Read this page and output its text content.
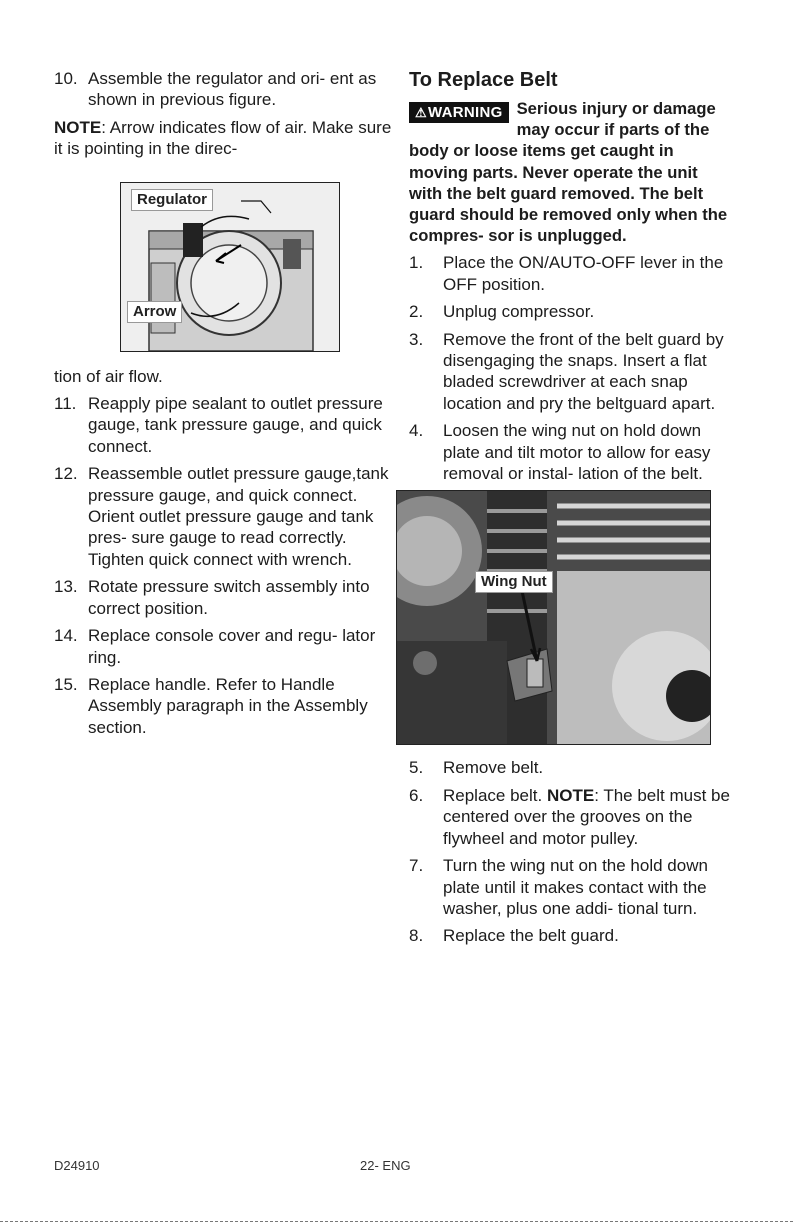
10. Assemble the regulator and ori- ent as shown in previous figure.

NOTE: Arrow indicates flow of air. Make sure it is pointing in the direc-

Regulator
Arrow

tion of air flow.

11. Reapply pipe sealant to outlet pressure gauge, tank pressure gauge, and quick connect.
12. Reassemble outlet pressure gauge,tank pressure gauge, and quick connect. Orient outlet pressure gauge and tank pres- sure gauge to read correctly. Tighten quick connect with wrench.
13. Rotate pressure switch assembly into correct position.
14. Replace console cover and regu- lator ring.
15. Replace handle. Refer to Handle Assembly paragraph in the Assembly section.
To Replace Belt
⚠WARNING Serious injury or damage may occur if parts of the body or loose items get caught in moving parts. Never operate the unit with the belt guard removed. The belt guard should be removed only when the compres- sor is unplugged.
1.	Place the ON/AUTO-OFF lever in the OFF position.
2.	Unplug compressor.
3.	Remove the front of the belt guard by disengaging the snaps. Insert a flat bladed screwdriver at each snap location and pry the beltguard apart.
4.	Loosen the wing nut on hold down plate and tilt motor to allow for easy removal or instal- lation of the belt.
Wing Nut
5.	Remove belt.
6.	Replace belt. NOTE: The belt must be centered over the grooves on the flywheel and motor pulley.
7.	Turn the wing nut on the hold down plate until it makes contact with the washer, plus one addi- tional turn.
8.	Replace the belt guard.
D24910	22- ENG
